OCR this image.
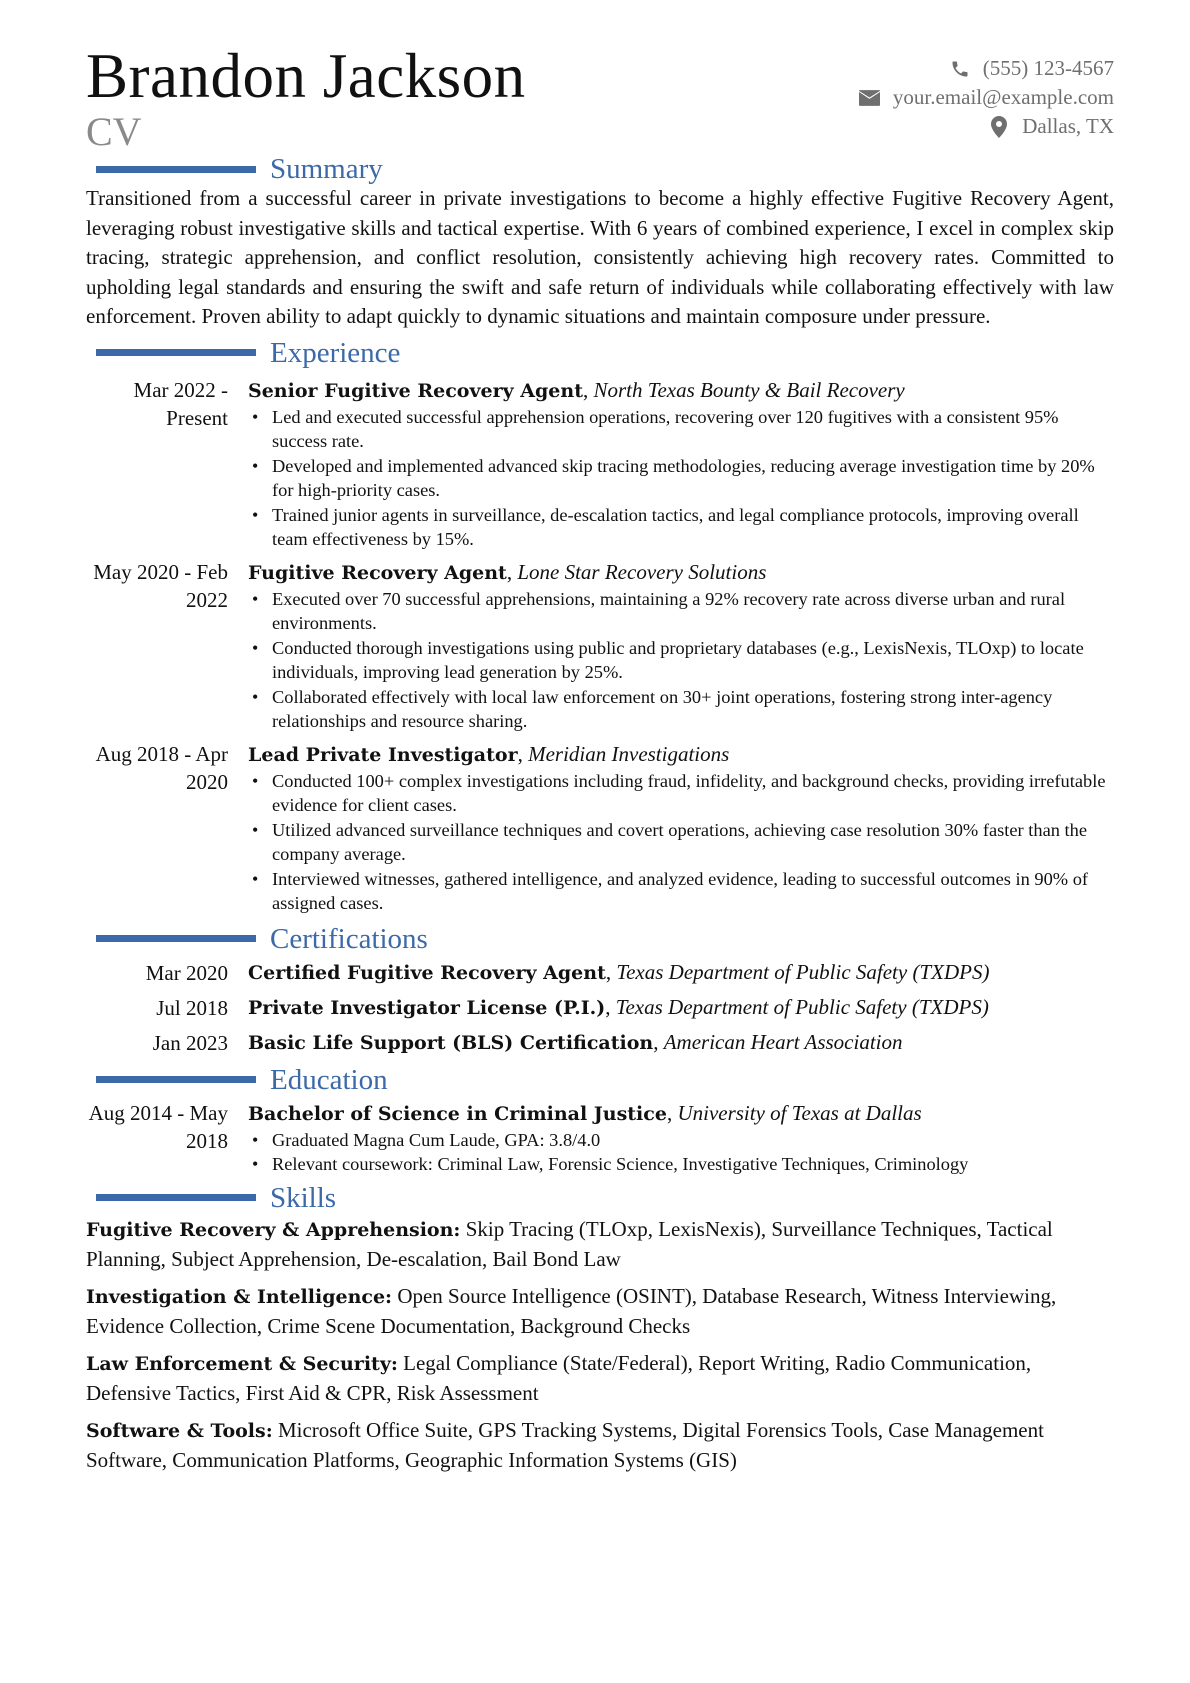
Brandon Jackson
CV
(555) 123-4567
your.email@example.com
Dallas, TX
Summary
Transitioned from a successful career in private investigations to become a highly effective Fugitive Recovery Agent, leveraging robust investigative skills and tactical expertise. With 6 years of combined experience, I excel in complex skip tracing, strategic apprehension, and conflict resolution, consistently achieving high recovery rates. Committed to upholding legal standards and ensuring the swift and safe return of individuals while collaborating effectively with law enforcement. Proven ability to adapt quickly to dynamic situations and maintain composure under pressure.
Experience
Mar 2022 - Present
Senior Fugitive Recovery Agent, North Texas Bounty & Bail Recovery
• Led and executed successful apprehension operations, recovering over 120 fugitives with a consistent 95% success rate.
• Developed and implemented advanced skip tracing methodologies, reducing average investigation time by 20% for high-priority cases.
• Trained junior agents in surveillance, de-escalation tactics, and legal compliance protocols, improving overall team effectiveness by 15%.
May 2020 - Feb 2022
Fugitive Recovery Agent, Lone Star Recovery Solutions
• Executed over 70 successful apprehensions, maintaining a 92% recovery rate across diverse urban and rural environments.
• Conducted thorough investigations using public and proprietary databases (e.g., LexisNexis, TLOxp) to locate individuals, improving lead generation by 25%.
• Collaborated effectively with local law enforcement on 30+ joint operations, fostering strong inter-agency relationships and resource sharing.
Aug 2018 - Apr 2020
Lead Private Investigator, Meridian Investigations
• Conducted 100+ complex investigations including fraud, infidelity, and background checks, providing irrefutable evidence for client cases.
• Utilized advanced surveillance techniques and covert operations, achieving case resolution 30% faster than the company average.
• Interviewed witnesses, gathered intelligence, and analyzed evidence, leading to successful outcomes in 90% of assigned cases.
Certifications
Mar 2020	Certified Fugitive Recovery Agent, Texas Department of Public Safety (TXDPS)
Jul 2018	Private Investigator License (P.I.), Texas Department of Public Safety (TXDPS)
Jan 2023	Basic Life Support (BLS) Certification, American Heart Association
Education
Aug 2014 - May 2018
Bachelor of Science in Criminal Justice, University of Texas at Dallas
• Graduated Magna Cum Laude, GPA: 3.8/4.0
• Relevant coursework: Criminal Law, Forensic Science, Investigative Techniques, Criminology
Skills
Fugitive Recovery & Apprehension: Skip Tracing (TLOxp, LexisNexis), Surveillance Techniques, Tactical Planning, Subject Apprehension, De-escalation, Bail Bond Law
Investigation & Intelligence: Open Source Intelligence (OSINT), Database Research, Witness Interviewing, Evidence Collection, Crime Scene Documentation, Background Checks
Law Enforcement & Security: Legal Compliance (State/Federal), Report Writing, Radio Communication, Defensive Tactics, First Aid & CPR, Risk Assessment
Software & Tools: Microsoft Office Suite, GPS Tracking Systems, Digital Forensics Tools, Case Management Software, Communication Platforms, Geographic Information Systems (GIS)
